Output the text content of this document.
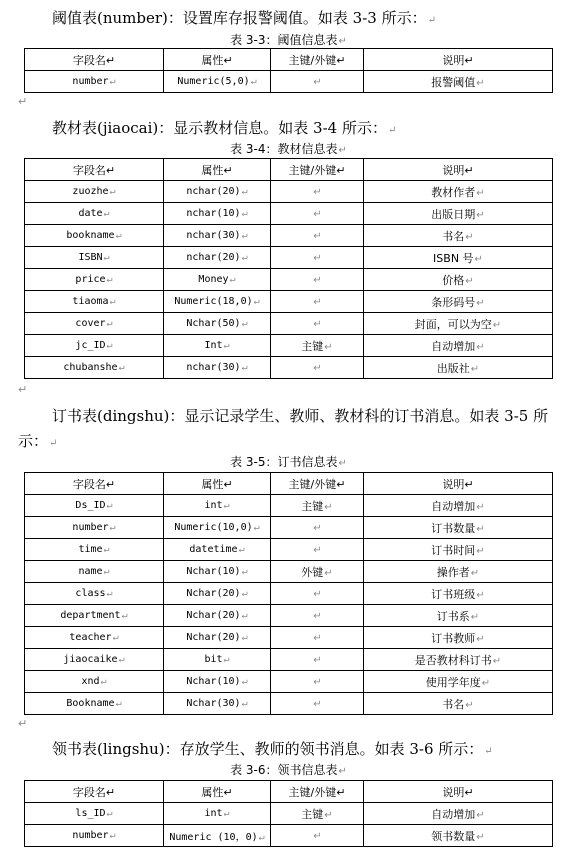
阈值表(number)：设置库存报警阈值。如表 3-3 所示：↵
表 3-3：阈值信息表↵
字段名↵	属性↵	主键/外键↵	说明↵
number↵	Numeric(5,0)↵	↵	报警阈值↵
↵
教材表(jiaocai)：显示教材信息。如表 3-4 所示：↵
表 3-4：教材信息表↵
字段名↵	属性↵	主键/外键↵	说明↵
zuozhe↵	nchar(20)↵	↵	教材作者↵
date↵	nchar(10)↵	↵	出版日期↵
bookname↵	nchar(30)↵	↵	书名↵
ISBN↵	nchar(20)↵	↵	ISBN 号↵
price↵	Money↵	↵	价格↵
tiaoma↵	Numeric(18,0)↵	↵	条形码号↵
cover↵	Nchar(50)↵	↵	封面，可以为空↵
jc_ID↵	Int↵	主键↵	自动增加↵
chubanshe↵	nchar(30)↵	↵	出版社↵
↵
订书表(dingshu)：显示记录学生、教师、教材科的订书消息。如表 3-5 所
示：↵
表 3-5：订书信息表↵
字段名↵	属性↵	主键/外键↵	说明↵
Ds_ID↵	int↵	主键↵	自动增加↵
number↵	Numeric(10,0)↵	↵	订书数量↵
time↵	datetime↵	↵	订书时间↵
name↵	Nchar(10)↵	外键↵	操作者↵
class↵	Nchar(20)↵	↵	订书班级↵
department↵	Nchar(20)↵	↵	订书系↵
teacher↵	Nchar(20)↵	↵	订书教师↵
jiaocaike↵	bit↵	↵	是否教材科订书↵
xnd↵	Nchar(10)↵	↵	使用学年度↵
Bookname↵	Nchar(30)↵	↵	书名↵
↵
领书表(lingshu)：存放学生、教师的领书消息。如表 3-6 所示：↵
表 3-6：领书信息表↵
字段名↵	属性↵	主键/外键↵	说明↵
ls_ID↵	int↵	主键↵	自动增加↵
number↵	Numeric (10，0)↵	↵	领书数量↵
